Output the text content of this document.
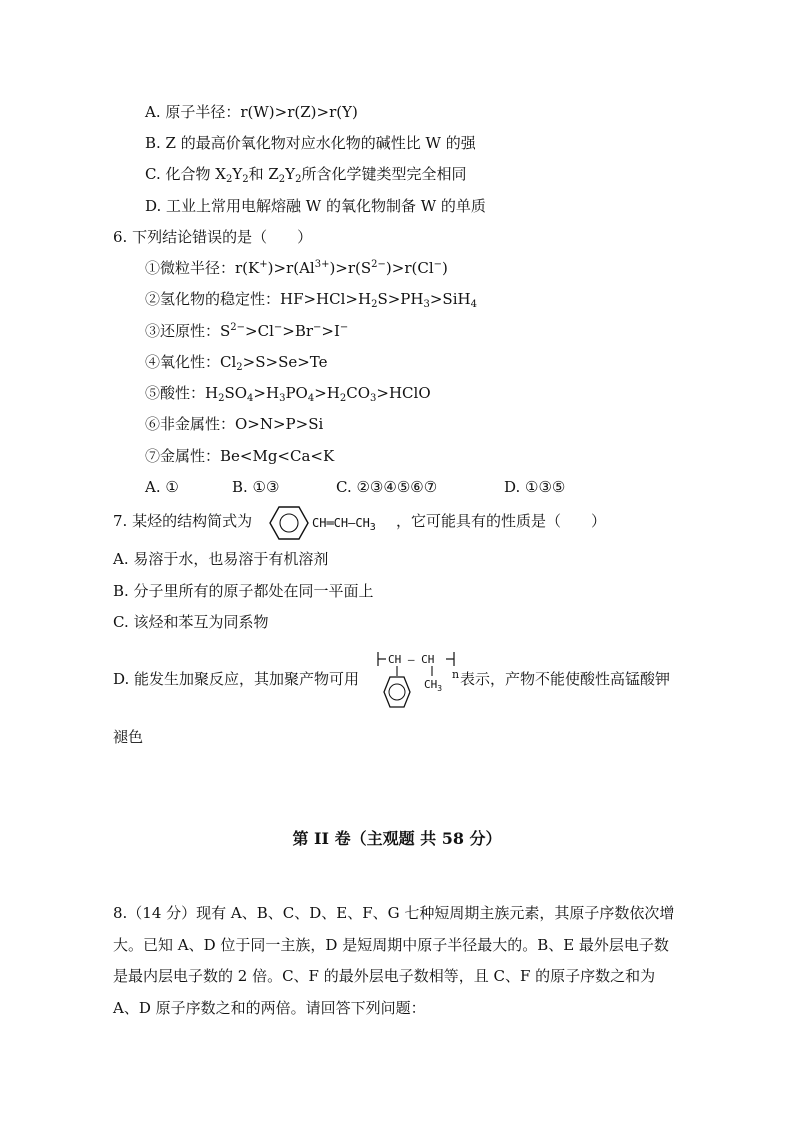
A. 原子半径：r(W)>r(Z)>r(Y)
B. Z 的最高价氧化物对应水化物的碱性比 W 的强
C. 化合物 $X_2Y_2$和 $Z_2Y_2$所含化学键类型完全相同
D. 工业上常用电解熔融 W 的氧化物制备 W 的单质
6. 下列结论错误的是（　　）
①微粒半径：$r(K^+)>r(Al^{3+})>r(S^{2-})>r(Cl^-)$
②氢化物的稳定性：$HF>HCl>H_2S>PH_3>SiH_4$
③还原性：$S^{2-}>Cl^->Br^->I^-$
④氧化性：$Cl_2>S>Se>Te$
⑤酸性：$H_2SO_4>H_3PO_4>H_2CO_3>HClO$
⑥非金属性：O>N>P>Si
⑦金属性：Be<Mg<Ca<K
A. ①	B. ①③	C. ②③④⑤⑥⑦	D. ①③⑤
7. 某烃的结构简式为	$CH═CH—CH_3$ ，它可能具有的性质是（　　）
A. 易溶于水，也易溶于有机溶剂
B. 分子里所有的原子都处在同一平面上
C. 该烃和苯互为同系物
D. 能发生加聚反应，其加聚产物可用
CH — CH
$CH_3$
n 表示，产物不能使酸性高锰酸钾
褪色
第 II 卷（主观题 共 58 分）
8.（14 分）现有 A、B、C、D、E、F、G 七种短周期主族元素，其原子序数依次增
大。已知 A、D 位于同一主族，D 是短周期中原子半径最大的。B、E 最外层电子数
是最内层电子数的 2 倍。C、F 的最外层电子数相等，且 C、F 的原子序数之和为
A、D 原子序数之和的两倍。请回答下列问题：
